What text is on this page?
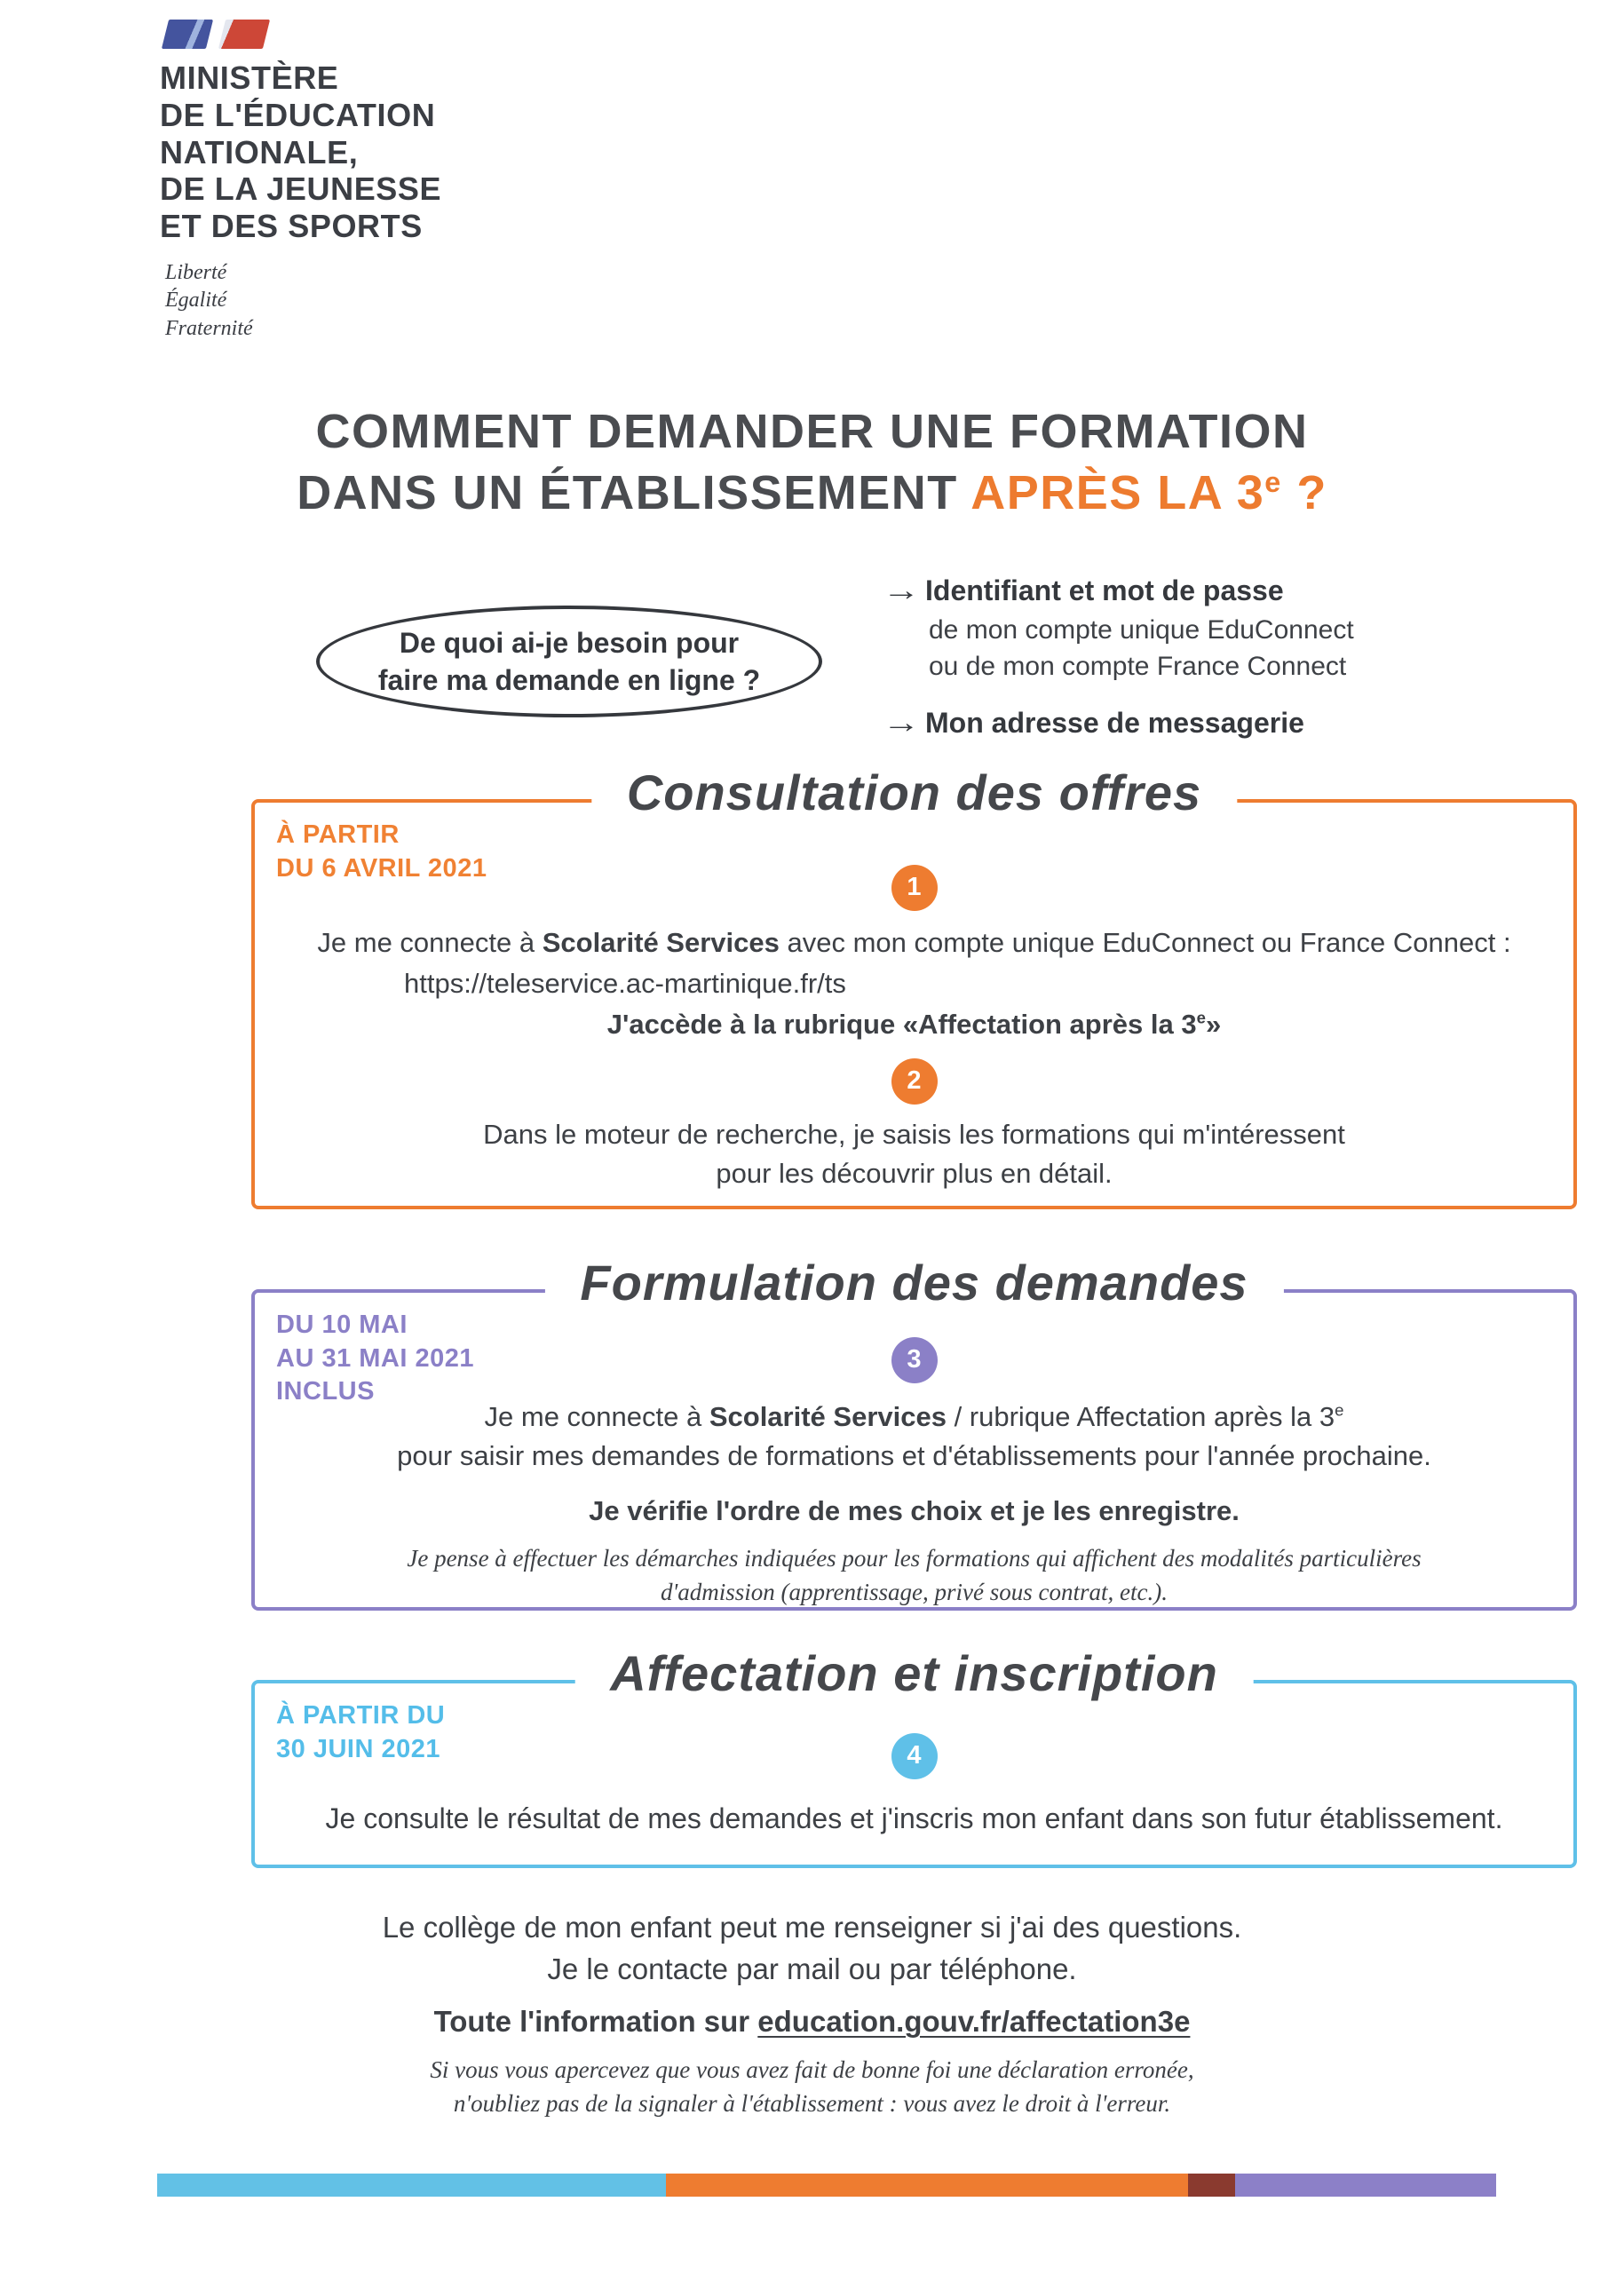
MINISTÈRE
DE L'ÉDUCATION
NATIONALE,
DE LA JEUNESSE
ET DES SPORTS
Liberté
Égalité
Fraternité
COMMENT DEMANDER UNE FORMATION
DANS UN ÉTABLISSEMENT APRÈS LA 3e ?
De quoi ai-je besoin pour
faire ma demande en ligne ?
→ Identifiant et mot de passe
de mon compte unique EduConnect
ou de mon compte France Connect
→ Mon adresse de messagerie
Consultation des offres
À PARTIR
DU 6 AVRIL 2021
1

Je me connecte à Scolarité Services avec mon compte unique EduConnect ou France Connect :

https://teleservice.ac-martinique.fr/ts

J'accède à la rubrique «Affectation après la 3e»

2

Dans le moteur de recherche, je saisis les formations qui m'intéressent
pour les découvrir plus en détail.

Formulation des demandes
DU 10 MAI
AU 31 MAI 2021
INCLUS
3

Je me connecte à Scolarité Services / rubrique Affectation après la 3e
pour saisir mes demandes de formations et d'établissements pour l'année prochaine.

Je vérifie l'ordre de mes choix et je les enregistre.

Je pense à effectuer les démarches indiquées pour les formations qui affichent des modalités particulières
d'admission (apprentissage, privé sous contrat, etc.).

Affectation et inscription
À PARTIR DU
30 JUIN 2021	4

Je consulte le résultat de mes demandes et j'inscris mon enfant dans son futur établissement.

Le collège de mon enfant peut me renseigner si j'ai des questions.
Je le contacte par mail ou par téléphone.
Toute l'information sur education.gouv.fr/affectation3e
Si vous vous apercevez que vous avez fait de bonne foi une déclaration erronée,
n'oubliez pas de la signaler à l'établissement : vous avez le droit à l'erreur.
